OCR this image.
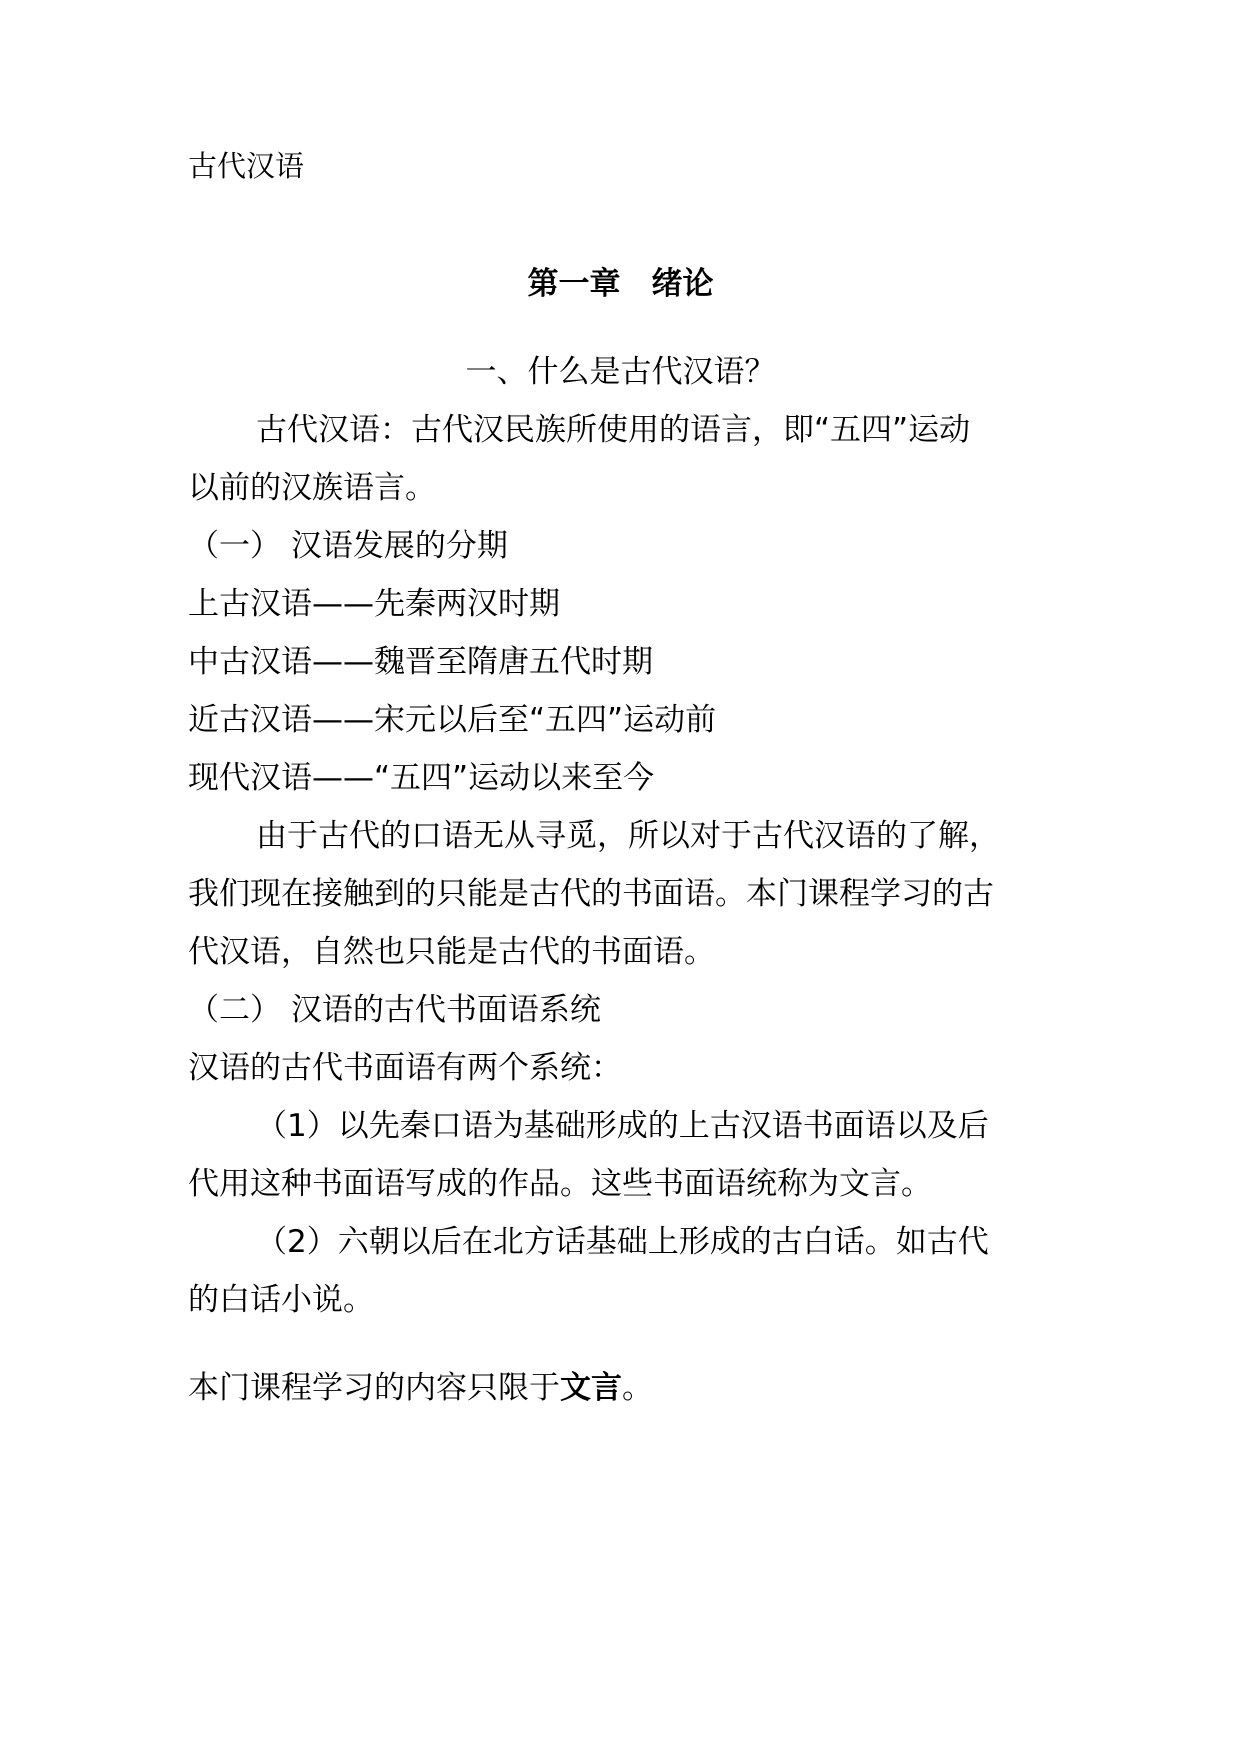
古代汉语
第一章　绪论
一、什么是古代汉语？
古代汉语：古代汉民族所使用的语言，即“五四”运动
以前的汉族语言。
（一） 汉语发展的分期
上古汉语——先秦两汉时期
中古汉语——魏晋至隋唐五代时期
近古汉语——宋元以后至“五四”运动前
现代汉语——“五四”运动以来至今
由于古代的口语无从寻觅，所以对于古代汉语的了解，
我们现在接触到的只能是古代的书面语。本门课程学习的古
代汉语，自然也只能是古代的书面语。
（二） 汉语的古代书面语系统
汉语的古代书面语有两个系统：
（1）以先秦口语为基础形成的上古汉语书面语以及后
代用这种书面语写成的作品。这些书面语统称为文言。
（2）六朝以后在北方话基础上形成的古白话。如古代
的白话小说。
本门课程学习的内容只限于文言。
